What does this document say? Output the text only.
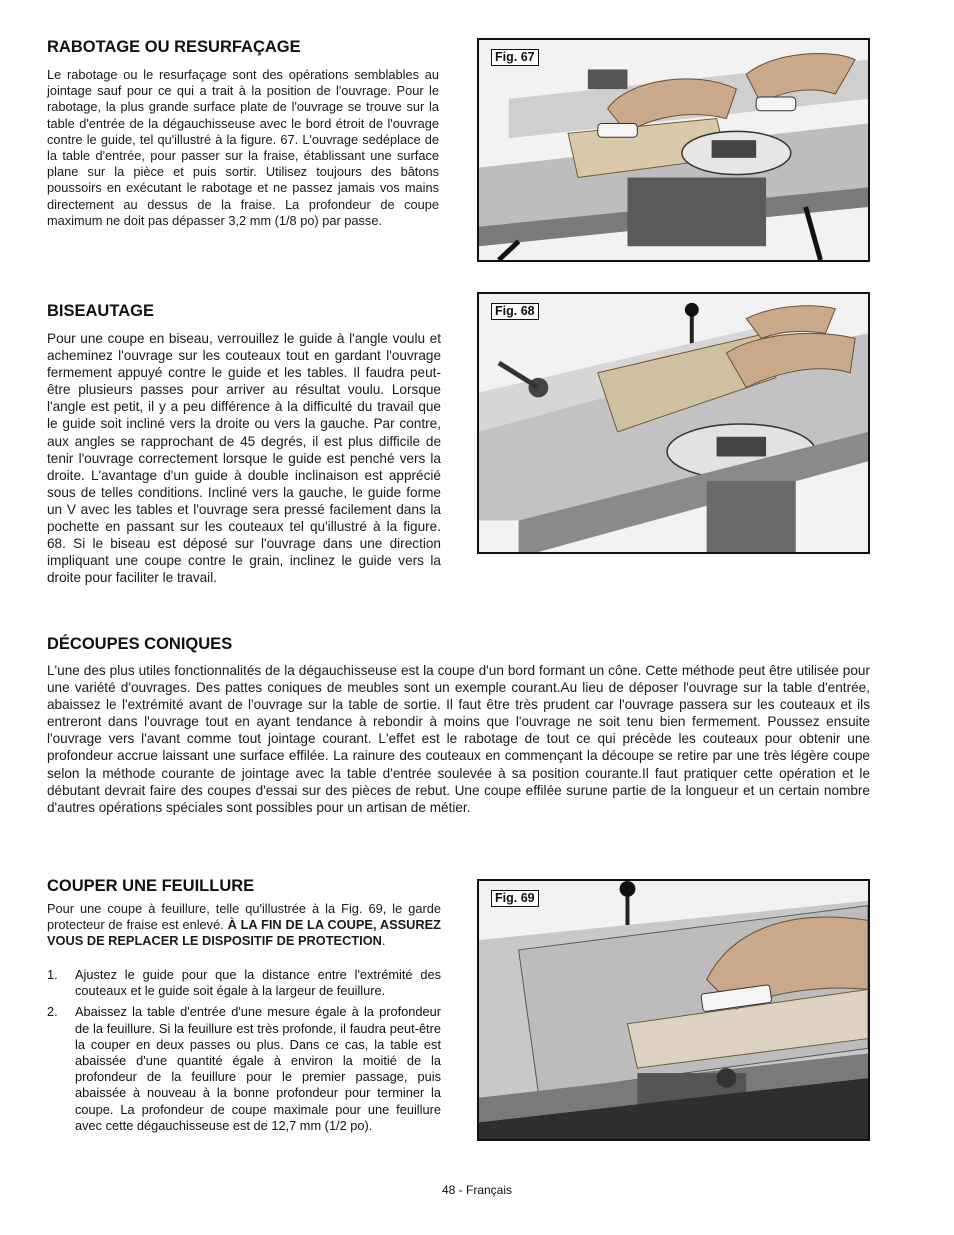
RABOTAGE OU RESURFAÇAGE

Le rabotage ou le resurfaçage sont des opérations semblables au jointage sauf pour ce qui a trait à la position de l'ouvrage. Pour le rabotage, la plus grande surface plate de l'ouvrage se trouve sur la table d'entrée de la dégauchisseuse avec le bord étroit de l'ouvrage contre le guide, tel qu'illustré à la figure. 67. L'ouvrage sedéplace de la table d'entrée, pour passer sur la fraise, établissant une surface plane sur la pièce et puis sortir. Utilisez toujours des bâtons poussoirs en exécutant le rabotage et ne passez jamais vos mains directement au dessus de la fraise. La profondeur de coupe maximum ne doit pas dépasser 3,2 mm (1/8 po) par passe.

Fig. 67
BISEAUTAGE

Pour une coupe en biseau, verrouillez le guide à l'angle voulu et acheminez l'ouvrage sur les couteaux tout en gardant l'ouvrage fermement appuyé contre le guide et les tables. Il faudra peut-être plusieurs passes pour arriver au résultat voulu. Lorsque l'angle est petit, il y a peu différence à la difficulté du travail que le guide soit incliné vers la droite ou vers la gauche. Par contre, aux angles se rapprochant de 45 degrés, il est plus difficile de tenir l'ouvrage correctement lorsque le guide est penché vers la droite. L'avantage d'un guide à double inclinaison est apprécié sous de telles conditions. Incliné vers la gauche, le guide forme un V avec les tables et l'ouvrage sera pressé facilement dans la pochette en passant sur les couteaux tel qu'illustré à la figure. 68. Si le biseau est déposé sur l'ouvrage dans une direction impliquant une coupe contre le grain, inclinez le guide vers la droite pour faciliter le travail.

Fig. 68
DÉCOUPES CONIQUES

L'une des plus utiles fonctionnalités de la dégauchisseuse est la coupe d'un bord formant un cône. Cette méthode peut être utilisée pour une variété d'ouvrages. Des pattes coniques de meubles sont un exemple courant.Au lieu de déposer l'ouvrage sur la table d'entrée, abaissez le l'extrémité avant de l'ouvrage sur la table de sortie. Il faut être très prudent car l'ouvrage passera sur les couteaux et ils entreront dans l'ouvrage tout en ayant tendance à rebondir à moins que l'ouvrage ne soit tenu bien fermement. Poussez ensuite l'ouvrage vers l'avant comme tout jointage courant. L'effet est le rabotage de tout ce qui précède les couteaux pour obtenir une profondeur accrue laissant une surface effilée. La rainure des couteaux en commençant la découpe se retire par une très légère coupe selon la méthode courante de jointage avec la table d'entrée soulevée à sa position courante.Il faut pratiquer cette opération et le débutant devrait faire des coupes d'essai sur des pièces de rebut. Une coupe effilée surune partie de la longueur et un certain nombre d'autres opérations spéciales sont possibles pour un artisan de métier.

COUPER UNE FEUILLURE

Pour une coupe à feuillure, telle qu'illustrée à la Fig. 69, le garde protecteur de fraise est enlevé. À LA FIN DE LA COUPE, ASSUREZ VOUS DE REPLACER LE DISPOSITIF DE PROTECTION.

1. Ajustez le guide pour que la distance entre l'extrémité des couteaux et le guide soit égale à la largeur de feuillure.
2. Abaissez la table d'entrée d'une mesure égale à la profondeur de la feuillure. Si la feuillure est très profonde, il faudra peut-être la couper en deux passes ou plus. Dans ce cas, la table est abaissée d'une quantité égale à environ la moitié de la profondeur de la feuillure pour le premier passage, puis abaissée à nouveau à la bonne profondeur pour terminer la coupe. La profondeur de coupe maximale pour une feuillure avec cette dégauchisseuse est de 12,7 mm (1/2 po).
Fig. 69
48 - Français
